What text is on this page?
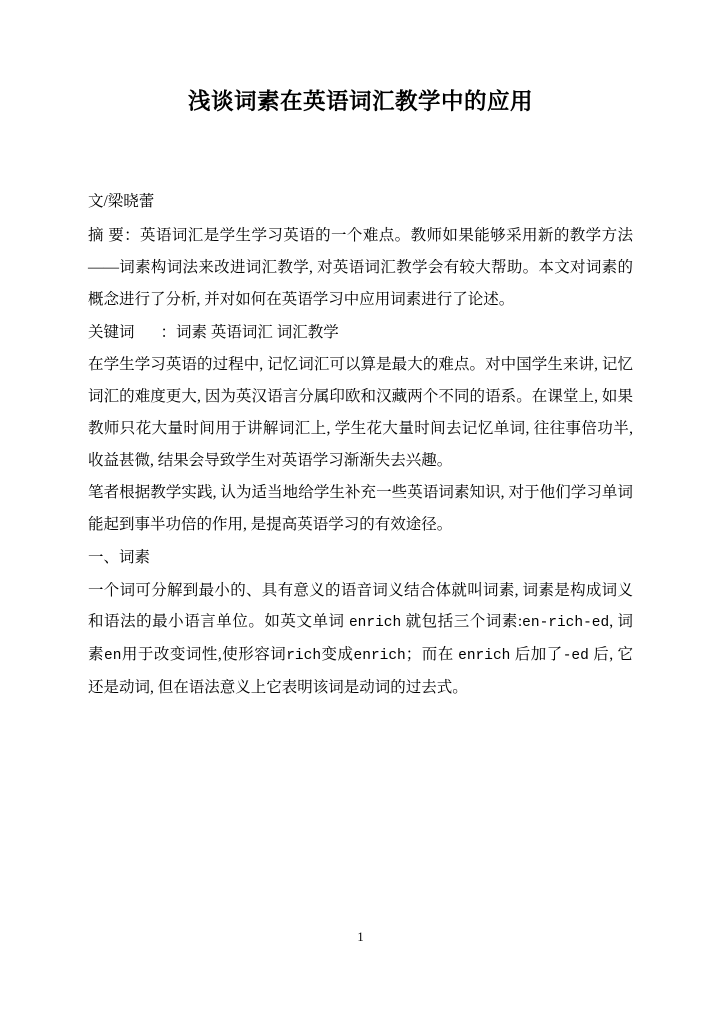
浅谈词素在英语词汇教学中的应用

文/梁晓蕾

摘 要：英语词汇是学生学习英语的一个难点。教师如果能够采用新的教学方法——词素构词法来改进词汇教学, 对英语词汇教学会有较大帮助。本文对词素的概念进行了分析, 并对如何在英语学习中应用词素进行了论述。

关键词 ：词素 英语词汇 词汇教学

在学生学习英语的过程中, 记忆词汇可以算是最大的难点。对中国学生来讲, 记忆词汇的难度更大, 因为英汉语言分属印欧和汉藏两个不同的语系。在课堂上, 如果教师只花大量时间用于讲解词汇上, 学生花大量时间去记忆单词, 往往事倍功半, 收益甚微, 结果会导致学生对英语学习渐渐失去兴趣。

笔者根据教学实践, 认为适当地给学生补充一些英语词素知识, 对于他们学习单词能起到事半功倍的作用, 是提高英语学习的有效途径。

一、词素

一个词可分解到最小的、具有意义的语音词义结合体就叫词素, 词素是构成词义和语法的最小语言单位。如英文单词 enrich 就包括三个词素:en-rich-ed, 词素en用于改变词性,使形容词rich变成enrich；而在 enrich 后加了-ed 后, 它还是动词, 但在语法意义上它表明该词是动词的过去式。

1
